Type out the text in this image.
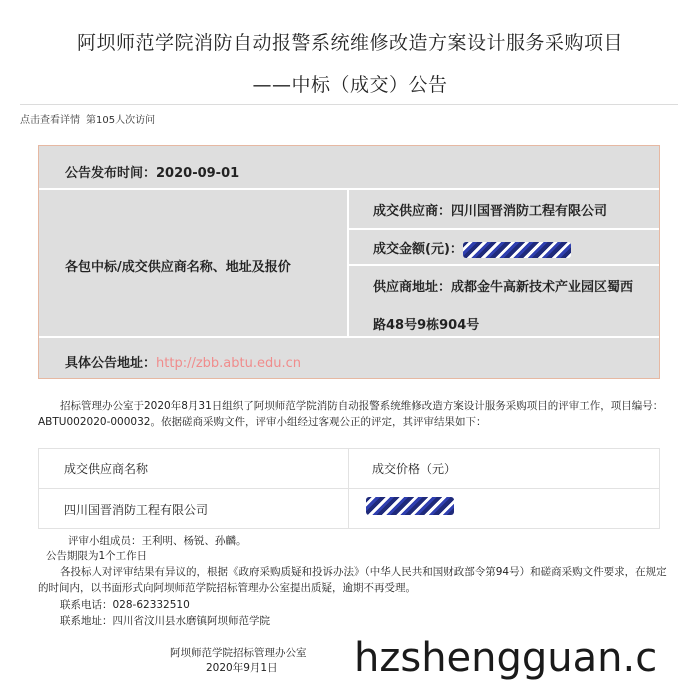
阿坝师范学院消防自动报警系统维修改造方案设计服务采购项目
——中标（成交）公告
点击查看详情 第105人次访问
公告发布时间：2020-09-01
各包中标/成交供应商名称、地址及报价
成交供应商：四川国晋消防工程有限公司
成交金额(元)：
供应商地址：成都金牛高新技术产业园区蜀西
路48号9栋904号
具体公告地址：http://zbb.abtu.edu.cn
招标管理办公室于2020年8月31日组织了阿坝师范学院消防自动报警系统维修改造方案设计服务采购项目的评审工作，项目编号：
ABTU002020-000032。依据磋商采购文件，评审小组经过客观公正的评定，其评审结果如下：
成交供应商名称	成交价格（元）
四川国晋消防工程有限公司
评审小组成员：王利明、杨锐、孙麟。
公告期限为1个工作日
各投标人对评审结果有异议的，根据《政府采购质疑和投诉办法》（中华人民共和国财政部令第94号）和磋商采购文件要求，在规定
的时间内，以书面形式向阿坝师范学院招标管理办公室提出质疑，逾期不再受理。
联系电话：028-62332510
联系地址：四川省汶川县水磨镇阿坝师范学院
阿坝师范学院招标管理办公室
2020年9月1日	hzshengguan.c
